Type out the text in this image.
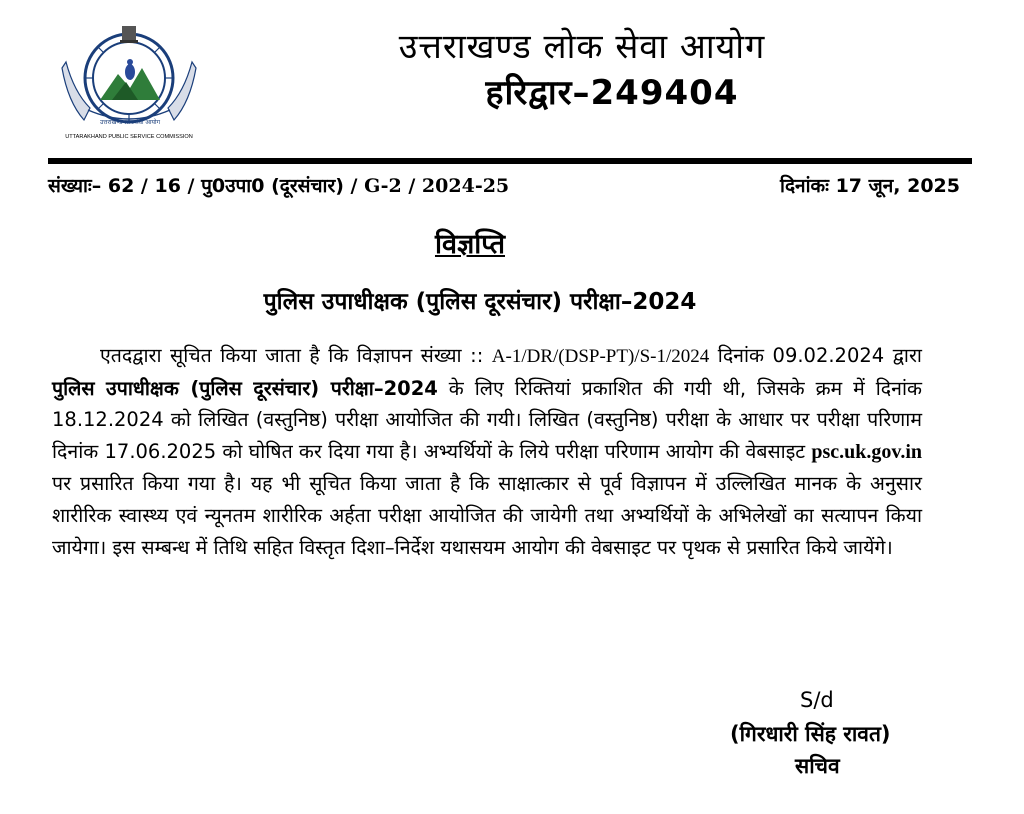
उत्तराखण्ड लोकसेवा आयोग
UTTARAKHAND PUBLIC SERVICE COMMISSION
उत्तराखण्ड लोक सेवा आयोग

हरिद्वार–249404
संख्याः– 62 / 16 / पु0उपा0 (दूरसंचार) / G-2 / 2024-25	दिनांकः 17 जून, 2025
विज्ञप्ति
पुलिस उपाधीक्षक (पुलिस दूरसंचार) परीक्षा–2024
एतदद्वारा सूचित किया जाता है कि विज्ञापन संख्या :: A-1/DR/(DSP-PT)/S-1/2024 दिनांक 09.02.2024 द्वारा पुलिस उपाधीक्षक (पुलिस दूरसंचार) परीक्षा–2024 के लिए रिक्तियां प्रकाशित की गयी थी, जिसके क्रम में दिनांक 18.12.2024 को लिखित (वस्तुनिष्ठ) परीक्षा आयोजित की गयी। लिखित (वस्तुनिष्ठ) परीक्षा के आधार पर परीक्षा परिणाम दिनांक 17.06.2025 को घोषित कर दिया गया है। अभ्यर्थियों के लिये परीक्षा परिणाम आयोग की वेबसाइट psc.uk.gov.in पर प्रसारित किया गया है। यह भी सूचित किया जाता है कि साक्षात्कार से पूर्व विज्ञापन में उल्लिखित मानक के अनुसार शारीरिक स्वास्थ्य एवं न्यूनतम शारीरिक अर्हता परीक्षा आयोजित की जायेगी तथा अभ्यर्थियों के अभिलेखों का सत्यापन किया जायेगा। इस सम्बन्ध में तिथि सहित विस्तृत दिशा–निर्देश यथासयम आयोग की वेबसाइट पर पृथक से प्रसारित किये जायेंगे।
S/d
(गिरधारी सिंह रावत)
सचिव
